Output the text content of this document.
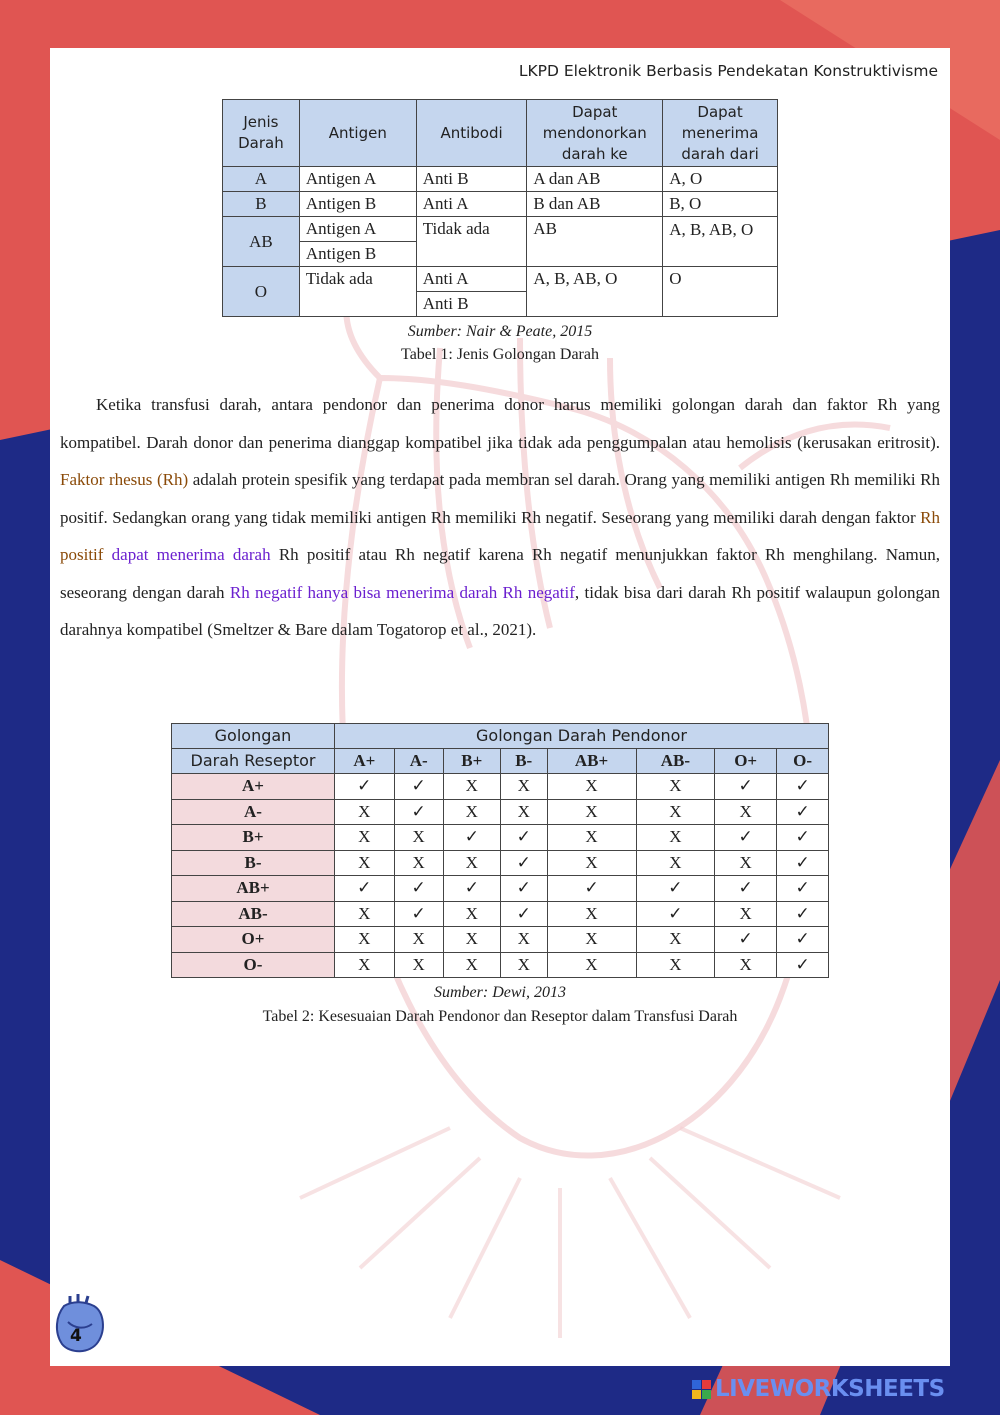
LKPD Elektronik Berbasis Pendekatan Konstruktivisme
Jenis Darah	Antigen	Antibodi	Dapat mendonorkan darah ke	Dapat menerima darah dari
A	Antigen A	Anti B	A dan AB	A, O
B	Antigen B	Anti A	B dan AB	B, O
AB	Antigen A	Tidak ada	AB	A, B, AB, O
	Antigen B			
O	Tidak ada	Anti A	A, B, AB, O	O
		Anti B		
Sumber: Nair & Peate, 2015
Tabel 1: Jenis Golongan Darah

Ketika transfusi darah, antara pendonor dan penerima donor harus memiliki golongan darah dan faktor Rh yang kompatibel. Darah donor dan penerima dianggap kompatibel jika tidak ada penggumpalan atau hemolisis (kerusakan eritrosit). Faktor rhesus (Rh) adalah protein spesifik yang terdapat pada membran sel darah. Orang yang memiliki antigen Rh memiliki Rh positif. Sedangkan orang yang tidak memiliki antigen Rh memiliki Rh negatif. Seseorang yang memiliki darah dengan faktor Rh positif dapat menerima darah Rh positif atau Rh negatif karena Rh negatif menunjukkan faktor Rh menghilang. Namun, seseorang dengan darah Rh negatif hanya bisa menerima darah Rh negatif, tidak bisa dari darah Rh positif walaupun golongan darahnya kompatibel (Smeltzer & Bare dalam Togatorop et al., 2021).

Golongan	Golongan Darah Pendonor							
Darah Reseptor	A+	A-	B+	B-	AB+	AB-	O+	O-
A+	✓	✓	X	X	X	X	✓	✓
A-	X	✓	X	X	X	X	X	✓
B+	X	X	✓	✓	X	X	✓	✓
B-	X	X	X	✓	X	X	X	✓
AB+	✓	✓	✓	✓	✓	✓	✓	✓
AB-	X	✓	X	✓	X	✓	X	✓
O+	X	X	X	X	X	X	✓	✓
O-	X	X	X	X	X	X	X	✓
Sumber: Dewi, 2013
Tabel 2: Kesesuaian Darah Pendonor dan Reseptor dalam Transfusi Darah
4
LIVEWORKSHEETS
